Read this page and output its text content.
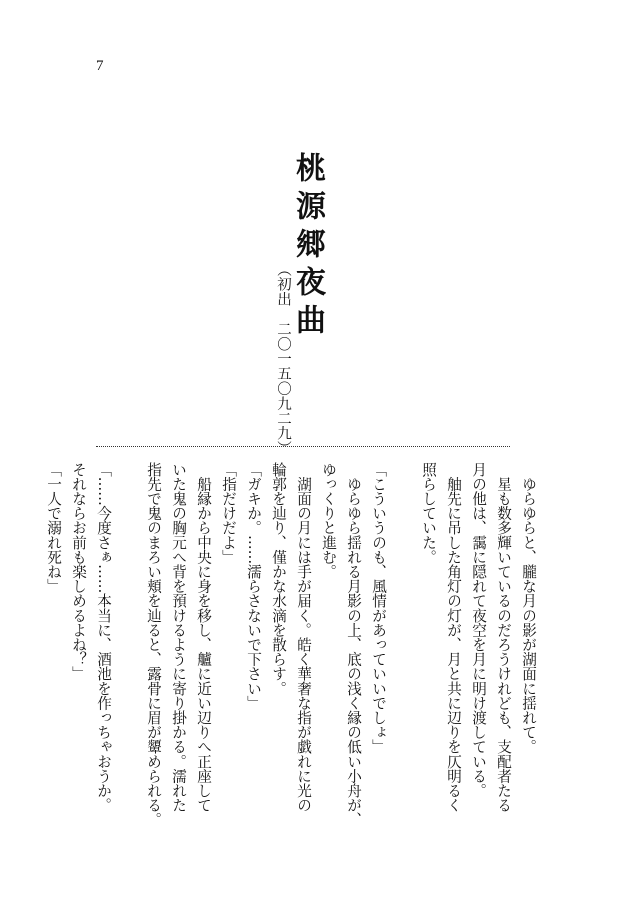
7
桃源郷夜曲
（初出　二〇一五〇九二九）
　ゆらゆらと、朧な月の影が湖面に揺れて。
　星も数多輝いているのだろうけれども、支配者たる
月の他は、靄に隠れて夜空を月に明け渡している。
　舳先に吊した角灯の灯が、月と共に辺りを仄明るく
照らしていた。
「こういうのも、風情があっていいでしょ」
　ゆらゆら揺れる月影の上、底の浅く縁の低い小舟が、
ゆっくりと進む。
　湖面の月には手が届く。皓く華奢な指が戯れに光の
輪郭を辿り、僅かな水滴を散らす。
「ガキか。……濡らさないで下さい」
「指だけだよ」
　船縁から中央に身を移し、艫に近い辺りへ正座して
いた鬼の胸元へ背を預けるように寄り掛かる。濡れた
指先で鬼のまろい頬を辿ると、露骨に眉が顰められる。
「……今度さぁ……本当に、酒池を作っちゃおうか。
それならお前も楽しめるよね？」
「一人で溺れ死ね」
